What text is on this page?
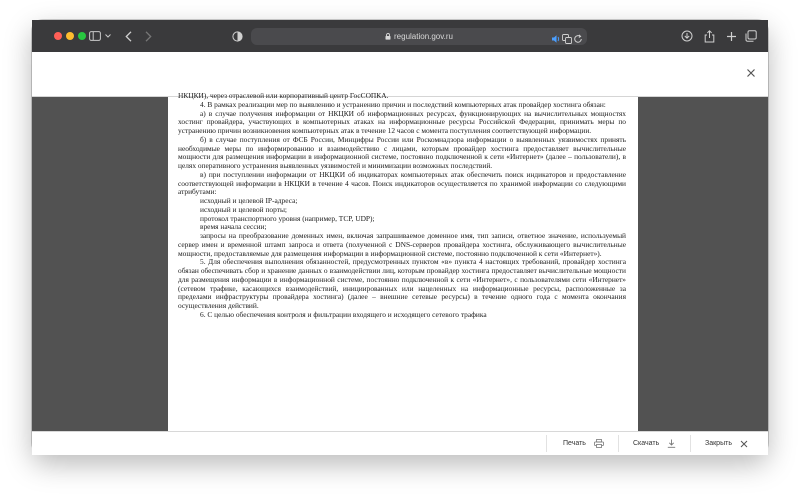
regulation.gov.ru

НКЦКИ), через отраслевой или корпоративный центр ГосСОПКА.

4. В рамках реализации мер по выявлению и устранению причин и последствий компьютерных атак провайдер хостинга обязан:

а) в случае получения информации от НКЦКИ об информационных ресурсах, функционирующих на вычислительных мощностях хостинг провайдера, участвующих в компьютерных атаках на информационные ресурсы Российской Федерации, принимать меры по устранению причин возникновения компьютерных атак в течение 12 часов с момента поступления соответствующей информации.

б) в случае поступления от ФСБ России, Минцифры России или Роскомнадзора информации о выявленных уязвимостях принять необходимые меры по информированию и взаимодействию с лицами, которым провайдер хостинга предоставляет вычислительные мощности для размещения информации в информационной системе, постоянно подключенной к сети «Интернет» (далее – пользователи), в целях оперативного устранения выявленных уязвимостей и минимизации возможных последствий.

в) при поступлении информации от НКЦКИ об индикаторах компьютерных атак обеспечить поиск индикаторов и предоставление соответствующей информации в НКЦКИ в течение 4 часов. Поиск индикаторов осуществляется по хранимой информации со следующими атрибутами:

исходный и целевой IP-адреса;

исходный и целевой порты;

протокол транспортного уровня (например, TCP, UDP);

время начала сессии;

запросы на преобразование доменных имен, включая запрашиваемое доменное имя, тип записи, ответное значение, используемый сервер имен и временной штамп запроса и ответа (полученной с DNS-серверов провайдера хостинга, обслуживающего вычислительные мощности, предоставляемые для размещения информации в информационной системе, постоянно подключенной к сети «Интернет»).

5. Для обеспечения выполнения обязанностей, предусмотренных пунктом «в» пункта 4 настоящих требований, провайдер хостинга обязан обеспечивать сбор и хранение данных о взаимодействии лиц, которым провайдер хостинга предоставляет вычислительные мощности для размещения информации в информационной системе, постоянно подключенной к сети «Интернет», с пользователями сети «Интернет» (сетевом трафике, касающихся взаимодействий, инициированных или нацеленных на информационные ресурсы, расположенные за пределами инфраструктуры провайдера хостинга) (далее – внешние сетевые ресурсы) в течение одного года с момента окончания осуществления действий.

6. С целью обеспечения контроля и фильтрации входящего и исходящего сетевого трафика

Печать	Скачать	Закрыть
